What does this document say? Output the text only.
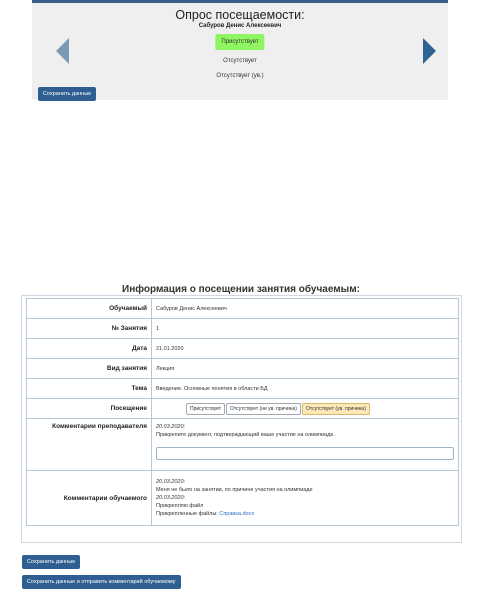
Опрос посещаемости:
Сабуров Денис Алексеевич
Присутствует
Отсутствует
Отсутствует (ув.)
Сохранить данные
Информация о посещении занятия обучаемым:
Обучаемый	Сабуров Денис Алексеевич
№ Занятия	1
Дата	21.01.2020
Вид занятия	Лекция
Тема	Введение. Основные понятия в области БД
Посещение	Присутствует Отсутствует (не ув. причина) Отсутствует (ув. причина)

Комментарии преподавателя	20.03.2020:
Прикрепите документ, подтверждающий ваше участие на олимпиаде.

Комментарии обучаемого	20.03.2020:
Меня не было на занятии, по причине участия на олимпиаде
20.03.2020:
Прикрепляю файл
Прикрепленные файлы: Справка.docx
Сохранить данные
Сохранить данные и отправить комментарий обучаемому
